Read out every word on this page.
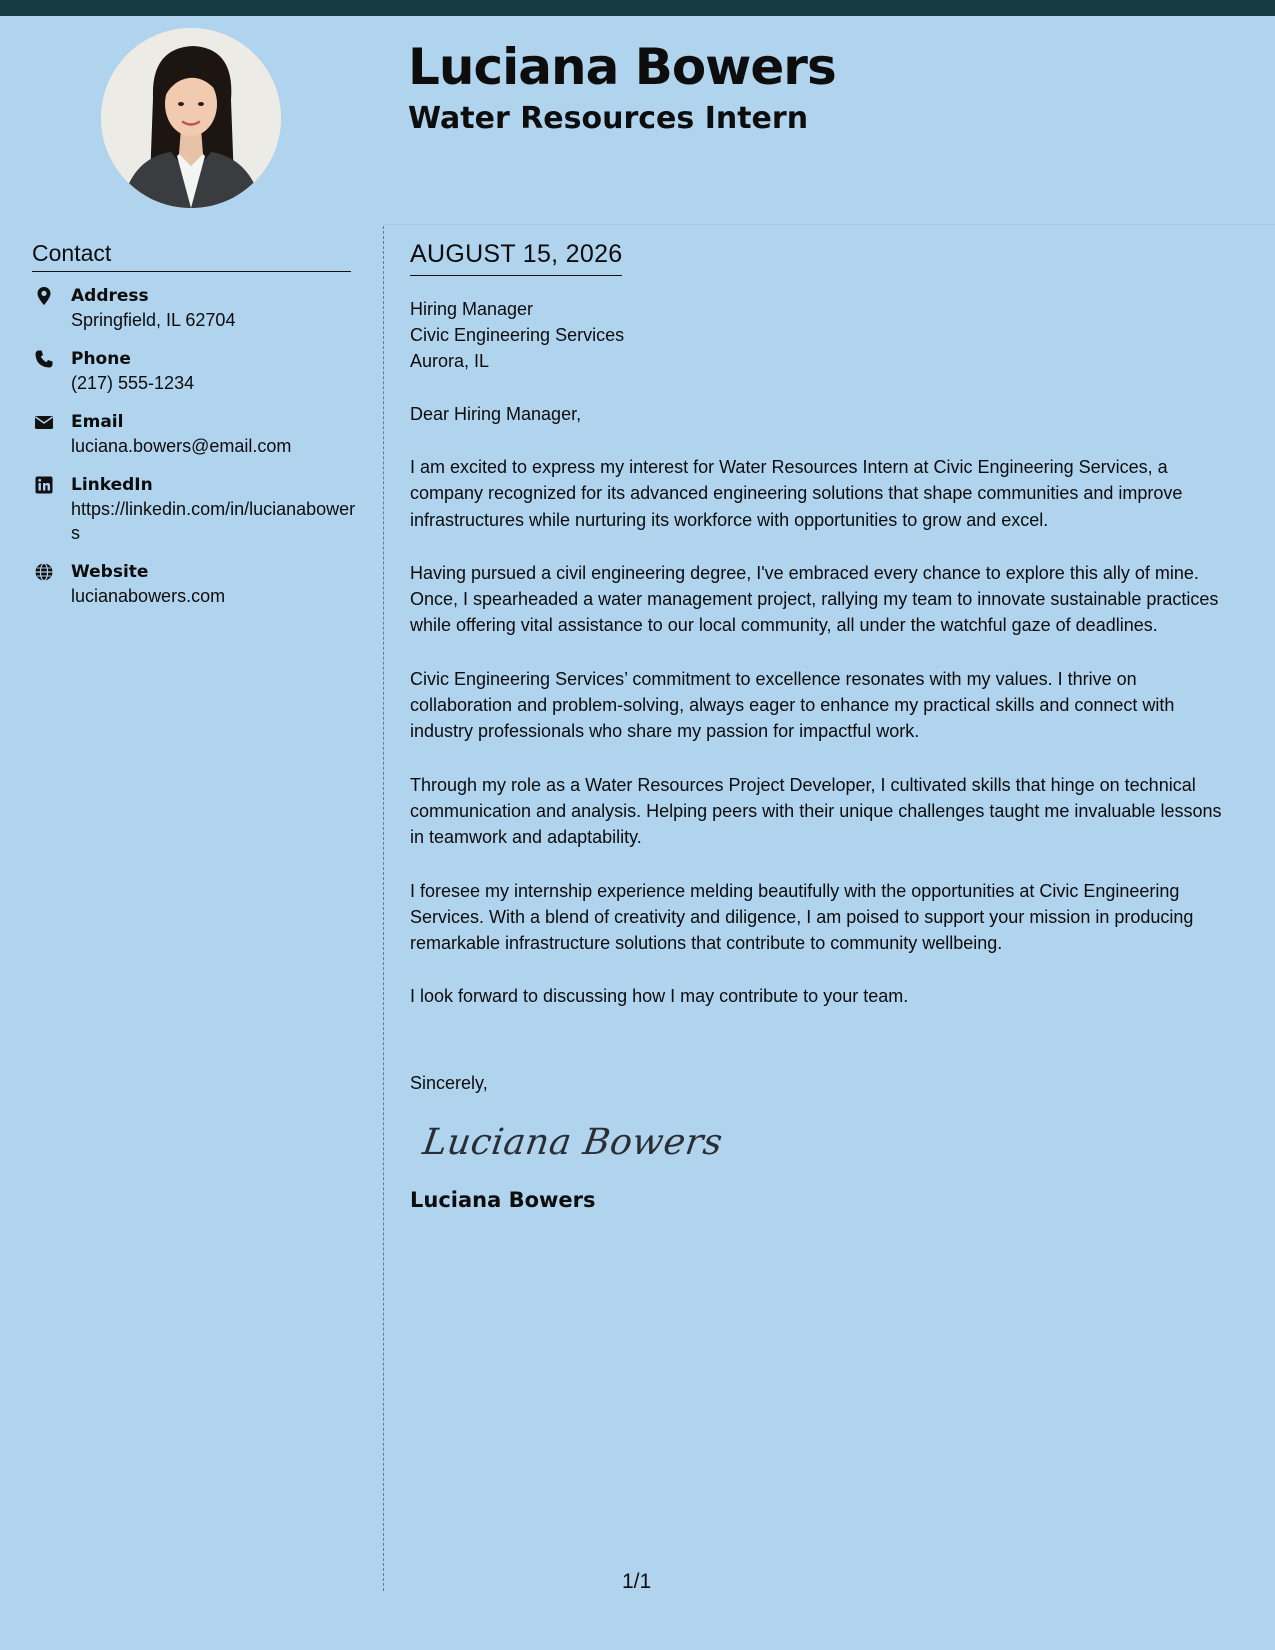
Luciana Bowers
Water Resources Intern
Contact
Address
Springfield, IL 62704
Phone
(217) 555-1234
Email
luciana.bowers@email.com
LinkedIn
https://linkedin.com/in/lucianabowers
Website
lucianabowers.com
AUGUST 15, 2026

Hiring Manager

Civic Engineering Services

Aurora, IL

Dear Hiring Manager,

I am excited to express my interest for Water Resources Intern at Civic Engineering Services, a company recognized for its advanced engineering solutions that shape communities and improve infrastructures while nurturing its workforce with opportunities to grow and excel.

Having pursued a civil engineering degree, I've embraced every chance to explore this ally of mine. Once, I spearheaded a water management project, rallying my team to innovate sustainable practices while offering vital assistance to our local community, all under the watchful gaze of deadlines.

Civic Engineering Services’ commitment to excellence resonates with my values. I thrive on collaboration and problem-solving, always eager to enhance my practical skills and connect with industry professionals who share my passion for impactful work.

Through my role as a Water Resources Project Developer, I cultivated skills that hinge on technical communication and analysis. Helping peers with their unique challenges taught me invaluable lessons in teamwork and adaptability.

I foresee my internship experience melding beautifully with the opportunities at Civic Engineering Services. With a blend of creativity and diligence, I am poised to support your mission in producing remarkable infrastructure solutions that contribute to community wellbeing.

I look forward to discussing how I may contribute to your team.

Sincerely,

Luciana Bowers
Luciana Bowers
1/1
